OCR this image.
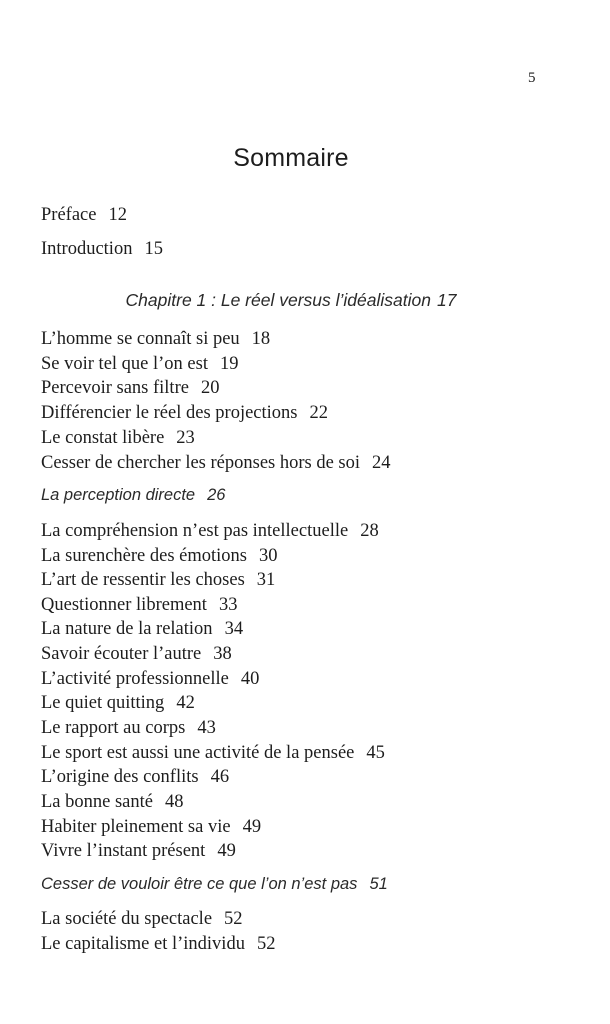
5
Sommaire
Préface 12
Introduction 15
Chapitre 1 : Le réel versus l’idéalisation 17
L’homme se connaît si peu 18
Se voir tel que l’on est 19
Percevoir sans filtre 20
Différencier le réel des projections 22
Le constat libère 23
Cesser de chercher les réponses hors de soi 24
La perception directe 26
La compréhension n’est pas intellectuelle 28
La surenchère des émotions 30
L’art de ressentir les choses 31
Questionner librement 33
La nature de la relation 34
Savoir écouter l’autre 38
L’activité professionnelle 40
Le quiet quitting 42
Le rapport au corps 43
Le sport est aussi une activité de la pensée 45
L’origine des conflits 46
La bonne santé 48
Habiter pleinement sa vie 49
Vivre l’instant présent 49
Cesser de vouloir être ce que l’on n’est pas 51
La société du spectacle 52
Le capitalisme et l’individu 52
